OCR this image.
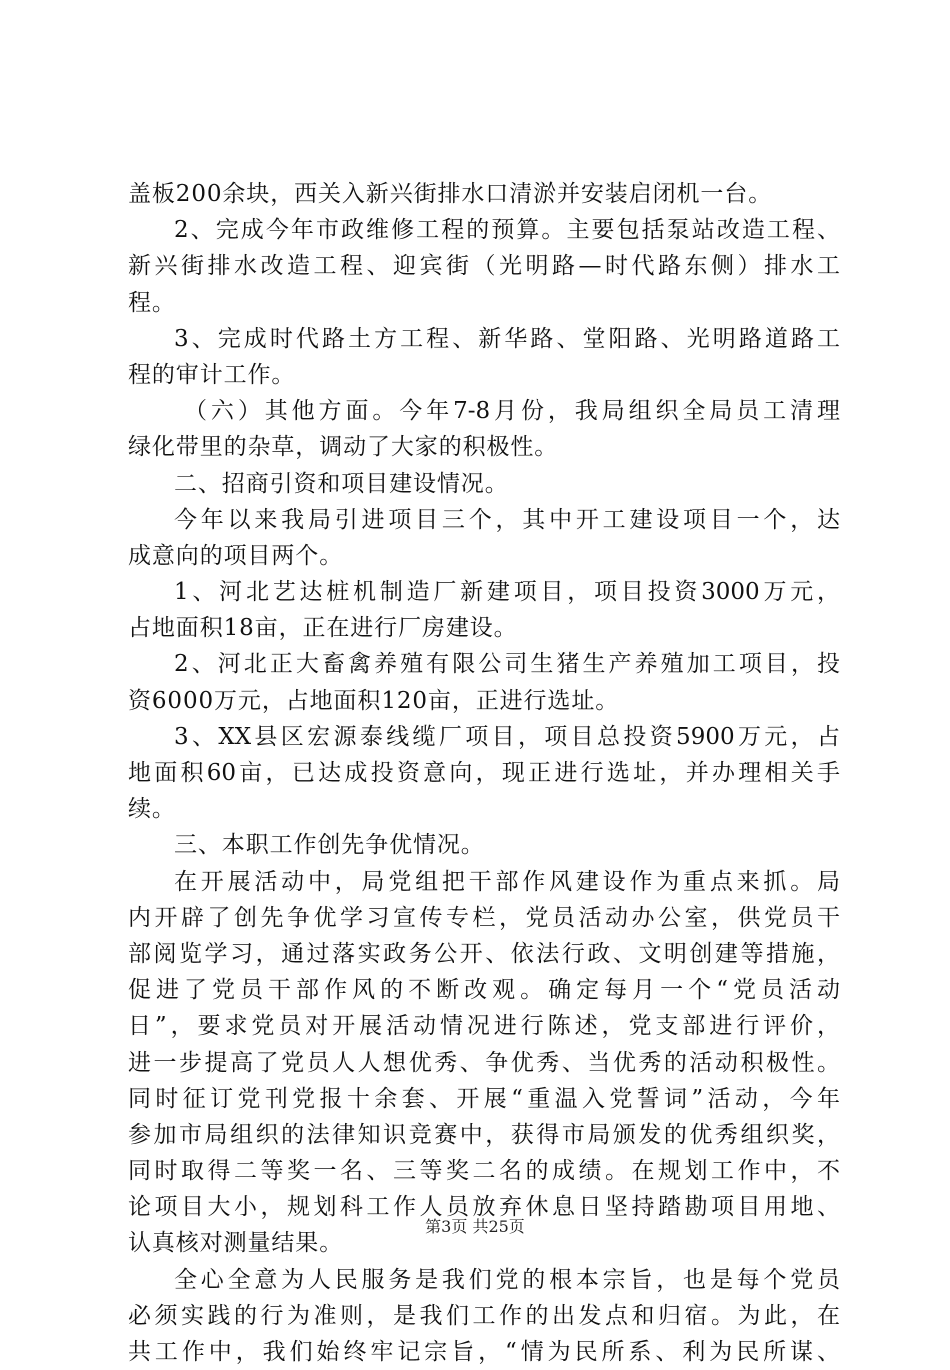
盖板200余块，西关入新兴街排水口清淤并安装启闭机一台。
2、完成今年市政维修工程的预算。主要包括泵站改造工程、
新兴街排水改造工程、迎宾街（光明路—时代路东侧）排水工
程。
3、完成时代路土方工程、新华路、堂阳路、光明路道路工
程的审计工作。
（六）其他方面。今年7-8月份，我局组织全局员工清理
绿化带里的杂草，调动了大家的积极性。
二、招商引资和项目建设情况。
今年以来我局引进项目三个，其中开工建设项目一个，达
成意向的项目两个。
1、河北艺达桩机制造厂新建项目，项目投资3000万元，
占地面积18亩，正在进行厂房建设。
2、河北正大畜禽养殖有限公司生猪生产养殖加工项目，投
资6000万元，占地面积120亩，正进行选址。
3、XX县区宏源泰线缆厂项目，项目总投资5900万元，占
地面积60亩，已达成投资意向，现正进行选址，并办理相关手
续。
三、本职工作创先争优情况。
在开展活动中，局党组把干部作风建设作为重点来抓。局
内开辟了创先争优学习宣传专栏，党员活动办公室，供党员干
部阅览学习，通过落实政务公开、依法行政、文明创建等措施，
促进了党员干部作风的不断改观。确定每月一个“党员活动
日”，要求党员对开展活动情况进行陈述，党支部进行评价，
进一步提高了党员人人想优秀、争优秀、当优秀的活动积极性。
同时征订党刊党报十余套、开展“重温入党誓词”活动，今年
参加市局组织的法律知识竞赛中，获得市局颁发的优秀组织奖，
同时取得二等奖一名、三等奖二名的成绩。在规划工作中，不
论项目大小，规划科工作人员放弃休息日坚持踏勘项目用地、
认真核对测量结果。
全心全意为人民服务是我们党的根本宗旨，也是每个党员
必须实践的行为准则，是我们工作的出发点和归宿。为此，在
共工作中，我们始终牢记宗旨，“情为民所系、利为民所谋、
第3页 共25页
